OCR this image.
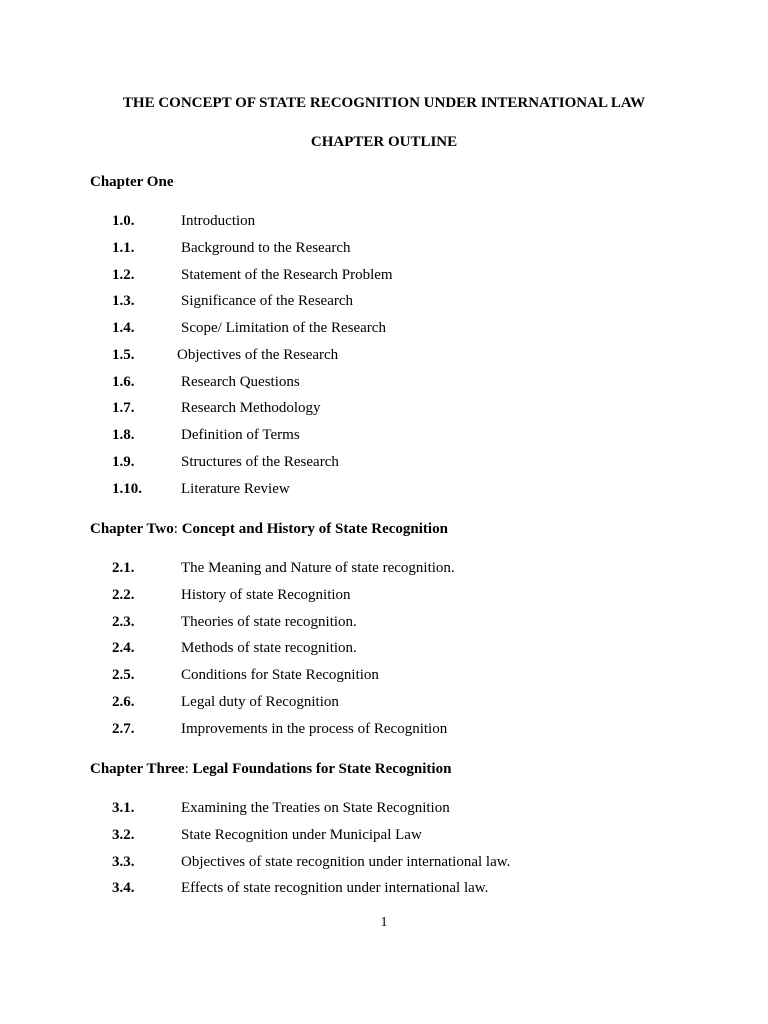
THE CONCEPT OF STATE RECOGNITION UNDER INTERNATIONAL LAW
CHAPTER OUTLINE
Chapter One
1.0.	Introduction
1.1.	Background to the Research
1.2.	Statement of the Research Problem
1.3.	Significance of the Research
1.4.	Scope/ Limitation of the Research
1.5.	Objectives of the Research
1.6.	Research Questions
1.7.	Research Methodology
1.8.	Definition of Terms
1.9.	Structures of the Research
1.10.	Literature Review
Chapter Two: Concept and History of State Recognition
2.1.	The Meaning and Nature of state recognition.
2.2.	History of state Recognition
2.3.	Theories of state recognition.
2.4.	Methods of state recognition.
2.5.	Conditions for State Recognition
2.6.	Legal duty of Recognition
2.7.	Improvements in the process of Recognition
Chapter Three: Legal Foundations for State Recognition
3.1.	Examining the Treaties on State Recognition
3.2.	State Recognition under Municipal Law
3.3.	Objectives of state recognition under international law.
3.4.	Effects of state recognition under international law.
1
